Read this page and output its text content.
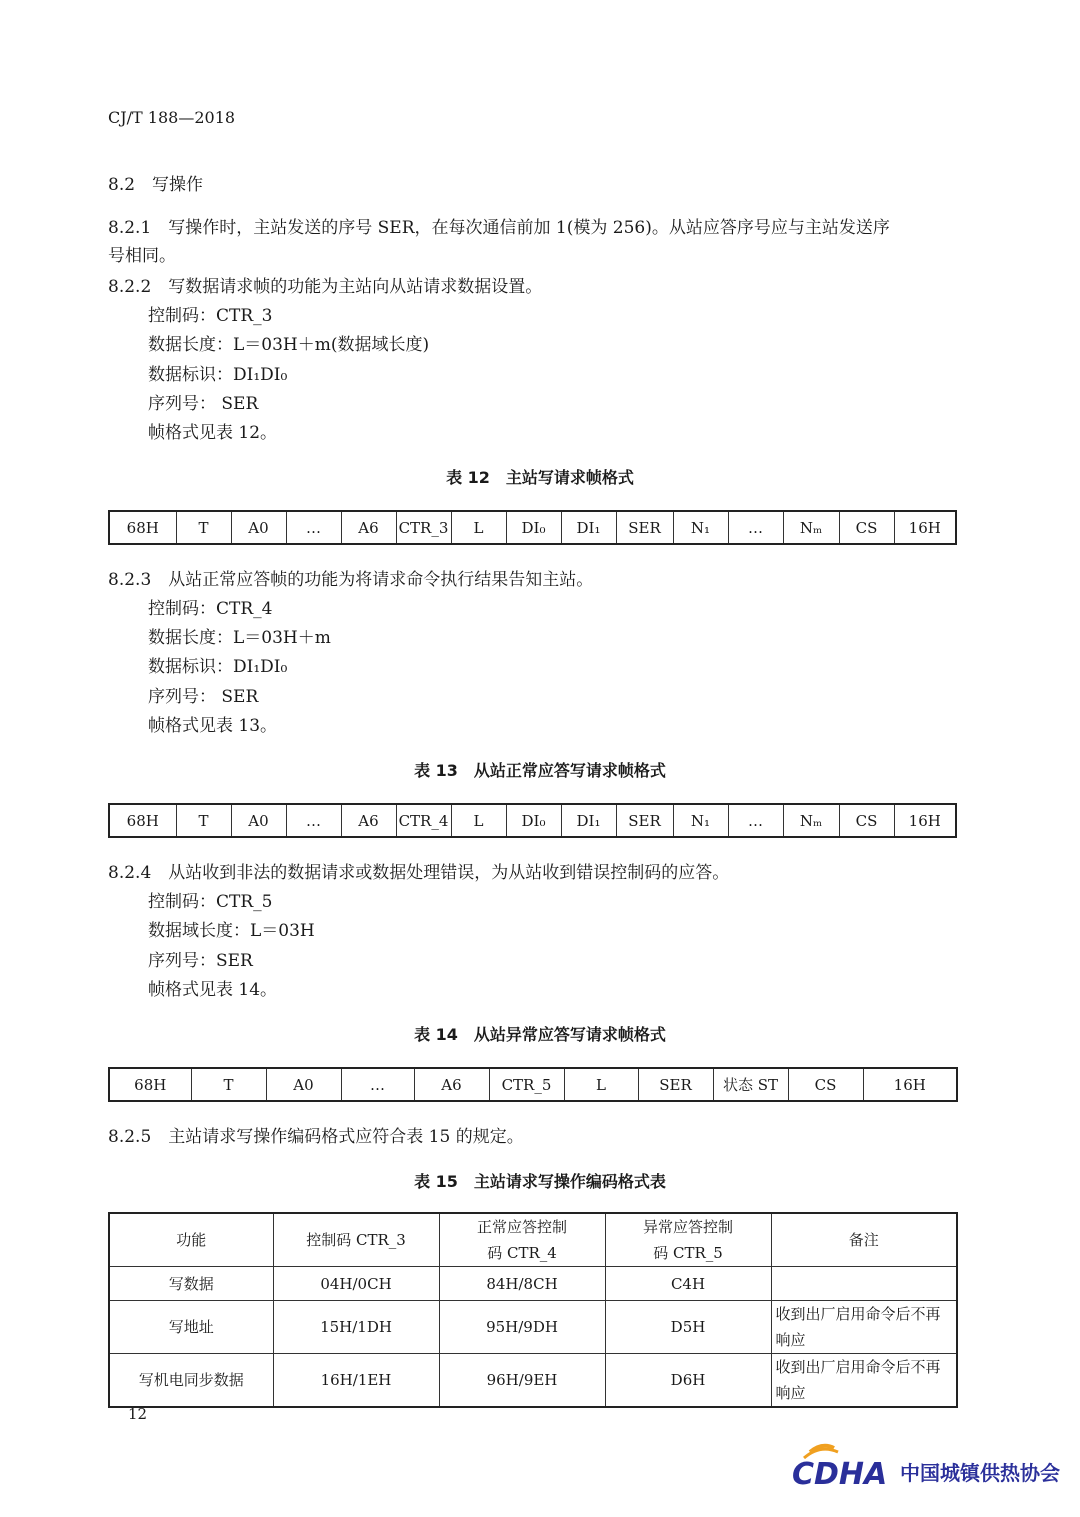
CJ/T 188—2018
8.2　写操作
8.2.1　写操作时，主站发送的序号 SER，在每次通信前加 1(模为 256)。从站应答序号应与主站发送序
号相同。
8.2.2　写数据请求帧的功能为主站向从站请求数据设置。
控制码：CTR_3
数据长度：L＝03H＋m(数据域长度)
数据标识：DI₁DI₀
序列号： SER
帧格式见表 12。
表 12　主站写请求帧格式
68H	T	A0	…	A6	CTR_3	L	DI₀	DI₁	SER	N₁	…	Nₘ	CS	16H
8.2.3　从站正常应答帧的功能为将请求命令执行结果告知主站。
控制码：CTR_4
数据长度：L＝03H＋m
数据标识：DI₁DI₀
序列号： SER
帧格式见表 13。
表 13　从站正常应答写请求帧格式
68H	T	A0	…	A6	CTR_4	L	DI₀	DI₁	SER	N₁	…	Nₘ	CS	16H
8.2.4　从站收到非法的数据请求或数据处理错误，为从站收到错误控制码的应答。
控制码：CTR_5
数据域长度：L＝03H
序列号：SER
帧格式见表 14。
表 14　从站异常应答写请求帧格式
68H	T	A0	…	A6	CTR_5	L	SER	状态 ST	CS	16H
8.2.5　主站请求写操作编码格式应符合表 15 的规定。
表 15　主站请求写操作编码格式表
功能	控制码 CTR_3	正常应答控制码 CTR_4	异常应答控制码 CTR_5	备注
写数据	04H/0CH	84H/8CH	C4H	
写地址	15H/1DH	95H/9DH	D5H	收到出厂启用命令后不再响应
写机电同步数据	16H/1EH	96H/9EH	D6H	收到出厂启用命令后不再响应
12
CDHA 中国城镇供热协会
